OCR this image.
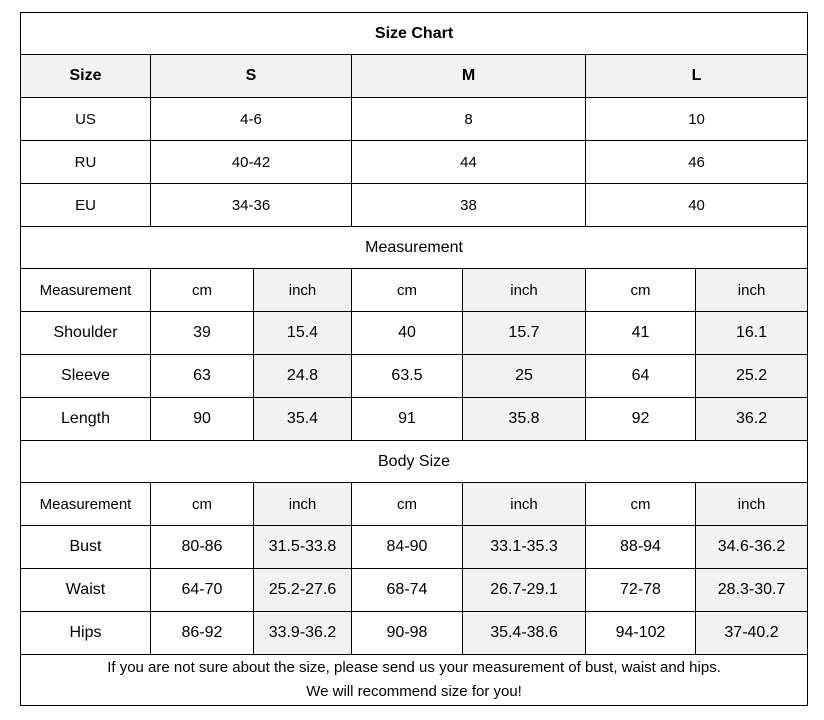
Size Chart						
Size	S		M		L	
US	4-6		8		10	
RU	40-42		44		46	
EU	34-36		38		40	
Measurement						
Measurement	cm	inch	cm	inch	cm	inch
Shoulder	39	15.4	40	15.7	41	16.1
Sleeve	63	24.8	63.5	25	64	25.2
Length	90	35.4	91	35.8	92	36.2
Body Size						
Measurement	cm	inch	cm	inch	cm	inch
Bust	80-86	31.5-33.8	84-90	33.1-35.3	88-94	34.6-36.2
Waist	64-70	25.2-27.6	68-74	26.7-29.1	72-78	28.3-30.7
Hips	86-92	33.9-36.2	90-98	35.4-38.6	94-102	37-40.2

If you are not sure about the size, please send us your measurement of bust, waist and hips.
We will recommend size for you!						
